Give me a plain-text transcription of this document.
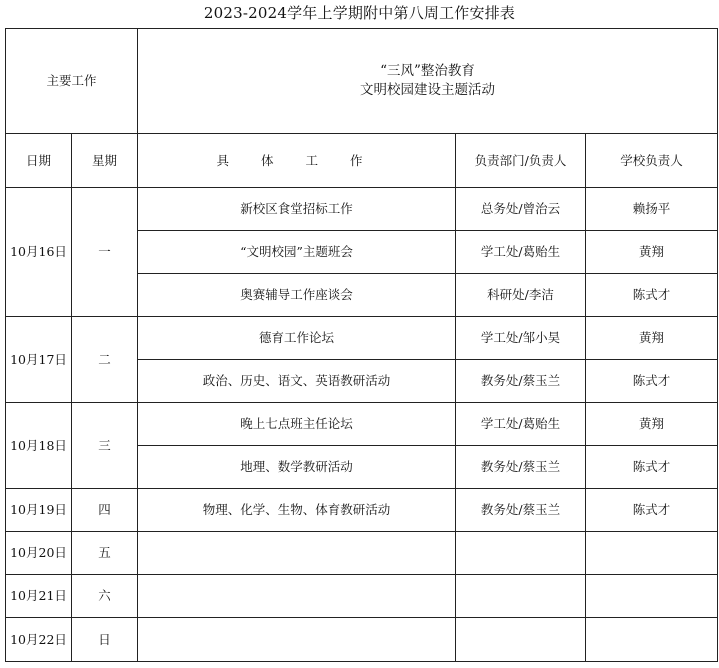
2023-2024学年上学期附中第八周工作安排表
主要工作		“三风”整治教育
文明校园建设主题活动		

日期	星期	具 体 工 作	负责部门/负责人	学校负责人
10月16日	一	新校区食堂招标工作	总务处/曾治云	赖扬平
		“文明校园”主题班会	学工处/葛贻生	黄翔
		奥赛辅导工作座谈会	科研处/李洁	陈式才
10月17日	二	德育工作论坛	学工处/邹小昊	黄翔
		政治、历史、语文、英语教研活动	教务处/蔡玉兰	陈式才
10月18日	三	晚上七点班主任论坛	学工处/葛贻生	黄翔
		地理、数学教研活动	教务处/蔡玉兰	陈式才
10月19日	四	物理、化学、生物、体育教研活动	教务处/蔡玉兰	陈式才
10月20日	五			
10月21日	六			
10月22日	日			
